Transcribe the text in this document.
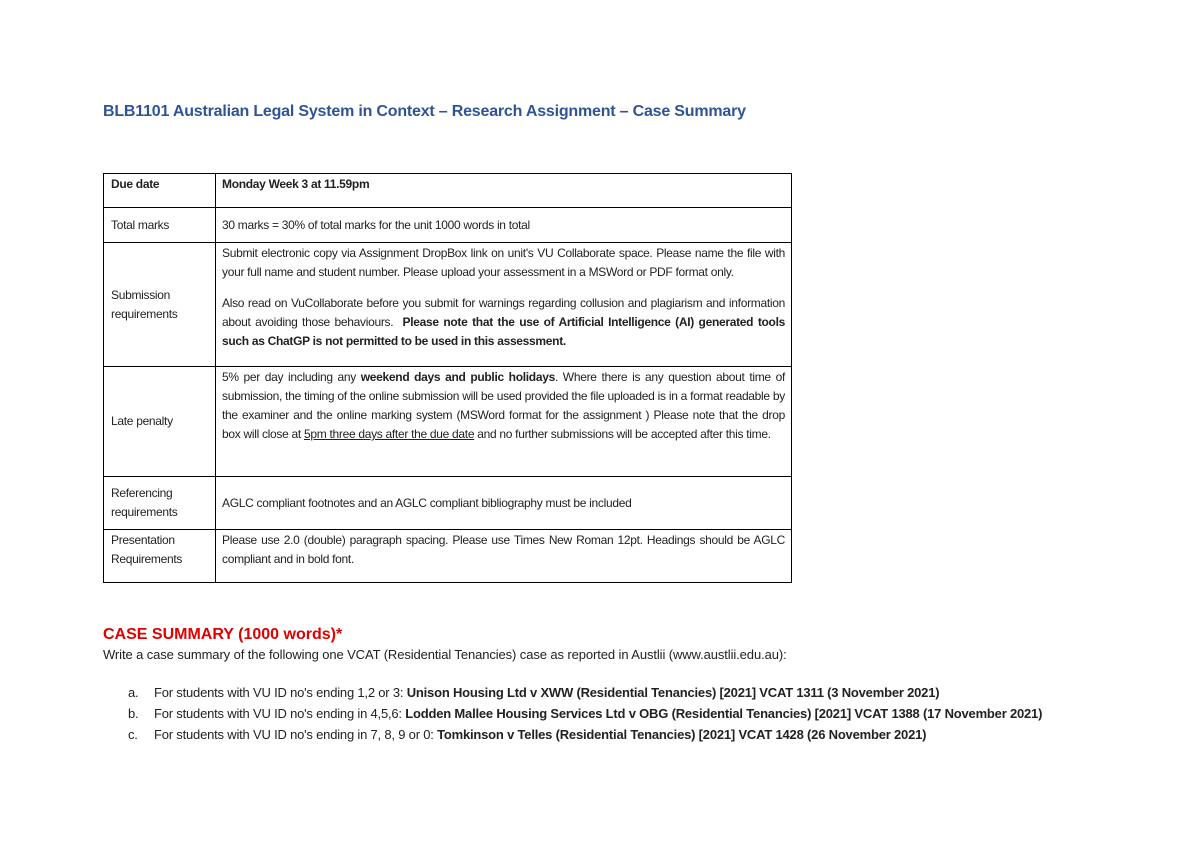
BLB1101 Australian Legal System in Context – Research Assignment – Case Summary
Due date	Monday Week 3 at 11.59pm
Total marks	30 marks = 30% of total marks for the unit 1000 words in total
Submission requirements	Submit electronic copy via Assignment DropBox link on unit's VU Collaborate space. Please name the file with your full name and student number. Please upload your assessment in a MSWord or PDF format only.
Also read on VuCollaborate before you submit for warnings regarding collusion and plagiarism and information about avoiding those behaviours. Please note that the use of Artificial Intelligence (AI) generated tools such as ChatGP is not permitted to be used in this assessment.

Late penalty	5% per day including any weekend days and public holidays. Where there is any question about time of submission, the timing of the online submission will be used provided the file uploaded is in a format readable by the examiner and the online marking system (MSWord format for the assignment ) Please note that the drop box will close at 5pm three days after the due date and no further submissions will be accepted after this time.
Referencing requirements	AGLC compliant footnotes and an AGLC compliant bibliography must be included
Presentation Requirements	Please use 2.0 (double) paragraph spacing. Please use Times New Roman 12pt. Headings should be AGLC compliant and in bold font.
CASE SUMMARY (1000 words)*
Write a case summary of the following one VCAT (Residential Tenancies) case as reported in Austlii (www.austlii.edu.au):
a. For students with VU ID no's ending 1,2 or 3: Unison Housing Ltd v XWW (Residential Tenancies) [2021] VCAT 1311 (3 November 2021)
b. For students with VU ID no's ending in 4,5,6: Lodden Mallee Housing Services Ltd v OBG (Residential Tenancies) [2021] VCAT 1388 (17 November 2021)
c. For students with VU ID no's ending in 7, 8, 9 or 0: Tomkinson v Telles (Residential Tenancies) [2021] VCAT 1428 (26 November 2021)
